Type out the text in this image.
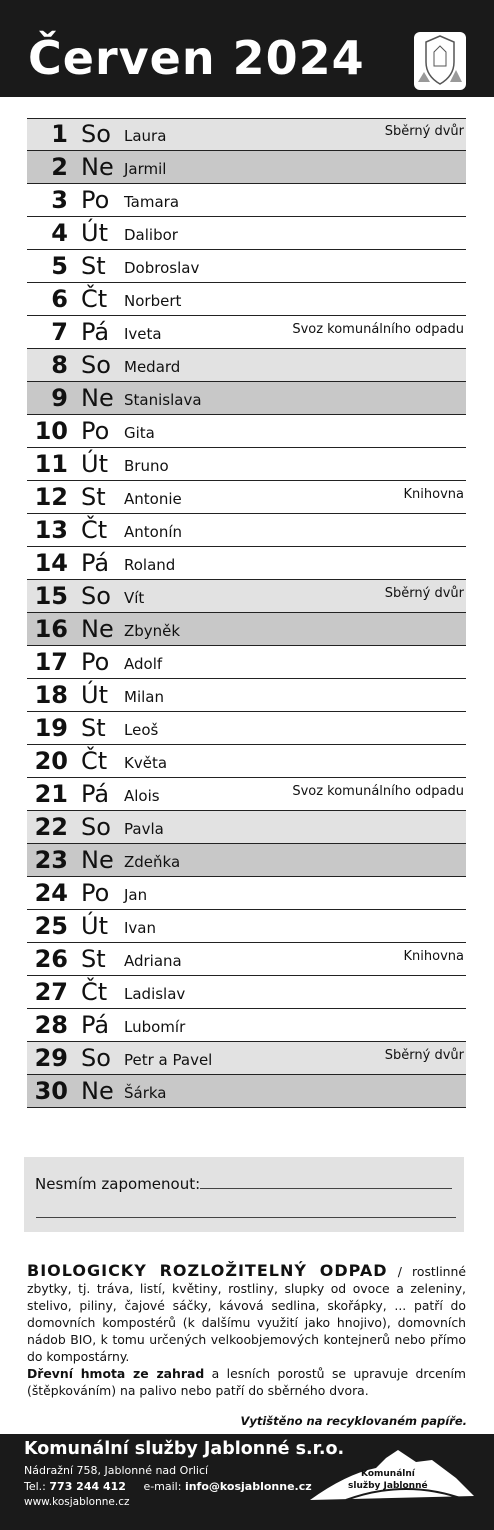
Červen 2024
1 So Laura	Sběrný dvůr
2 Ne Jarmil
3 Po Tamara
4 Út Dalibor
5 St Dobroslav
6 Čt Norbert
7 Pá Iveta	Svoz komunálního odpadu
8 So Medard
9 Ne Stanislava
10 Po Gita
11 Út Bruno
12 St Antonie	Knihovna
13 Čt Antonín
14 Pá Roland
15 So Vít	Sběrný dvůr
16 Ne Zbyněk
17 Po Adolf
18 Út Milan
19 St Leoš
20 Čt Květa
21 Pá Alois	Svoz komunálního odpadu
22 So Pavla
23 Ne Zdeňka
24 Po Jan
25 Út Ivan
26 St Adriana	Knihovna
27 Čt Ladislav
28 Pá Lubomír
29 So Petr a Pavel	Sběrný dvůr
30 Ne Šárka
Nesmím zapomenout:
BIOLOGICKY ROZLOŽITELNÝ ODPAD / rostlinné zbytky, tj. tráva, listí, květiny, rostliny, slupky od ovoce a zeleniny, stelivo, piliny, čajové sáčky, kávová sedlina, skořápky, ... patří do domovních kompostérů (k dalšímu využití jako hnojivo), domovních nádob BIO, k tomu určených velkoobjemových kontejnerů nebo přímo do kompostárny.
Dřevní hmota ze zahrad a lesních porostů se upravuje drcením (štěpkováním) na palivo nebo patří do sběrného dvora.
Vytištěno na recyklovaném papíře.
Komunální služby Jablonné s.r.o.
Nádražní 758, Jablonné nad Orlicí
Tel.: 773 244 412 e-mail: info@kosjablonne.cz
www.kosjablonne.cz
Komunální
služby Jablonné
